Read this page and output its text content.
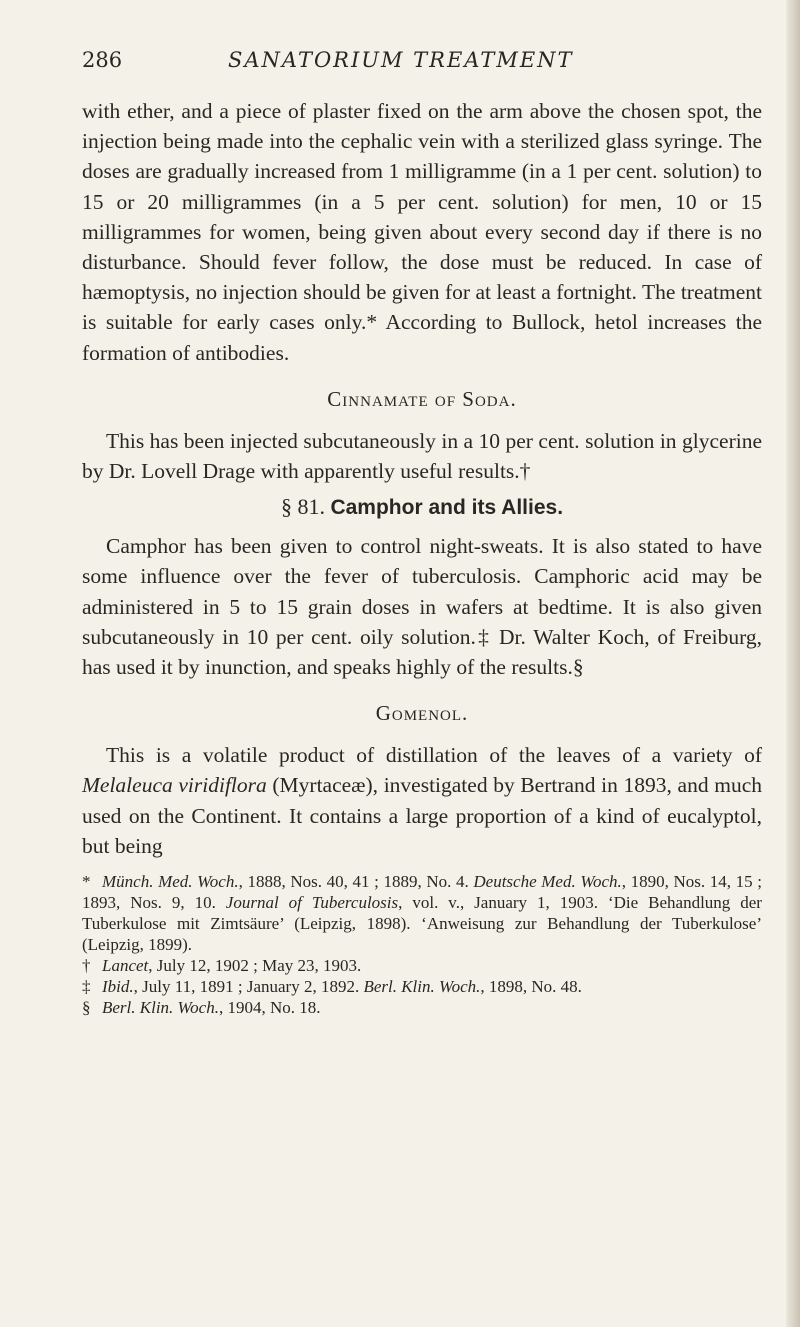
286	SANATORIUM TREATMENT

with ether, and a piece of plaster fixed on the arm above the chosen spot, the injection being made into the cephalic vein with a sterilized glass syringe. The doses are gradually increased from 1 milligramme (in a 1 per cent. solution) to 15 or 20 milligrammes (in a 5 per cent. solution) for men, 10 or 15 milligrammes for women, being given about every second day if there is no disturbance. Should fever follow, the dose must be reduced. In case of hæmoptysis, no injection should be given for at least a fortnight. The treatment is suitable for early cases only.* According to Bullock, hetol increases the formation of antibodies.

Cinnamate of Soda.

This has been injected subcutaneously in a 10 per cent. solution in glycerine by Dr. Lovell Drage with apparently useful results.†

§ 81. Camphor and its Allies.

Camphor has been given to control night-sweats. It is also stated to have some influence over the fever of tuberculosis. Camphoric acid may be administered in 5 to 15 grain doses in wafers at bedtime. It is also given subcutaneously in 10 per cent. oily solution.‡ Dr. Walter Koch, of Freiburg, has used it by inunction, and speaks highly of the results.§

Gomenol.

This is a volatile product of distillation of the leaves of a variety of Melaleuca viridiflora (Myrtaceæ), investigated by Bertrand in 1893, and much used on the Continent. It contains a large proportion of a kind of eucalyptol, but being

* Münch. Med. Woch., 1888, Nos. 40, 41 ; 1889, No. 4. Deutsche Med. Woch., 1890, Nos. 14, 15 ; 1893, Nos. 9, 10. Journal of Tuberculosis, vol. v., January 1, 1903. ‘Die Behandlung der Tuberkulose mit Zimtsäure’ (Leipzig, 1898). ‘Anweisung zur Behandlung der Tuberkulose’ (Leipzig, 1899).

† Lancet, July 12, 1902 ; May 23, 1903.

‡ Ibid., July 11, 1891 ; January 2, 1892. Berl. Klin. Woch., 1898, No. 48.

§ Berl. Klin. Woch., 1904, No. 18.
